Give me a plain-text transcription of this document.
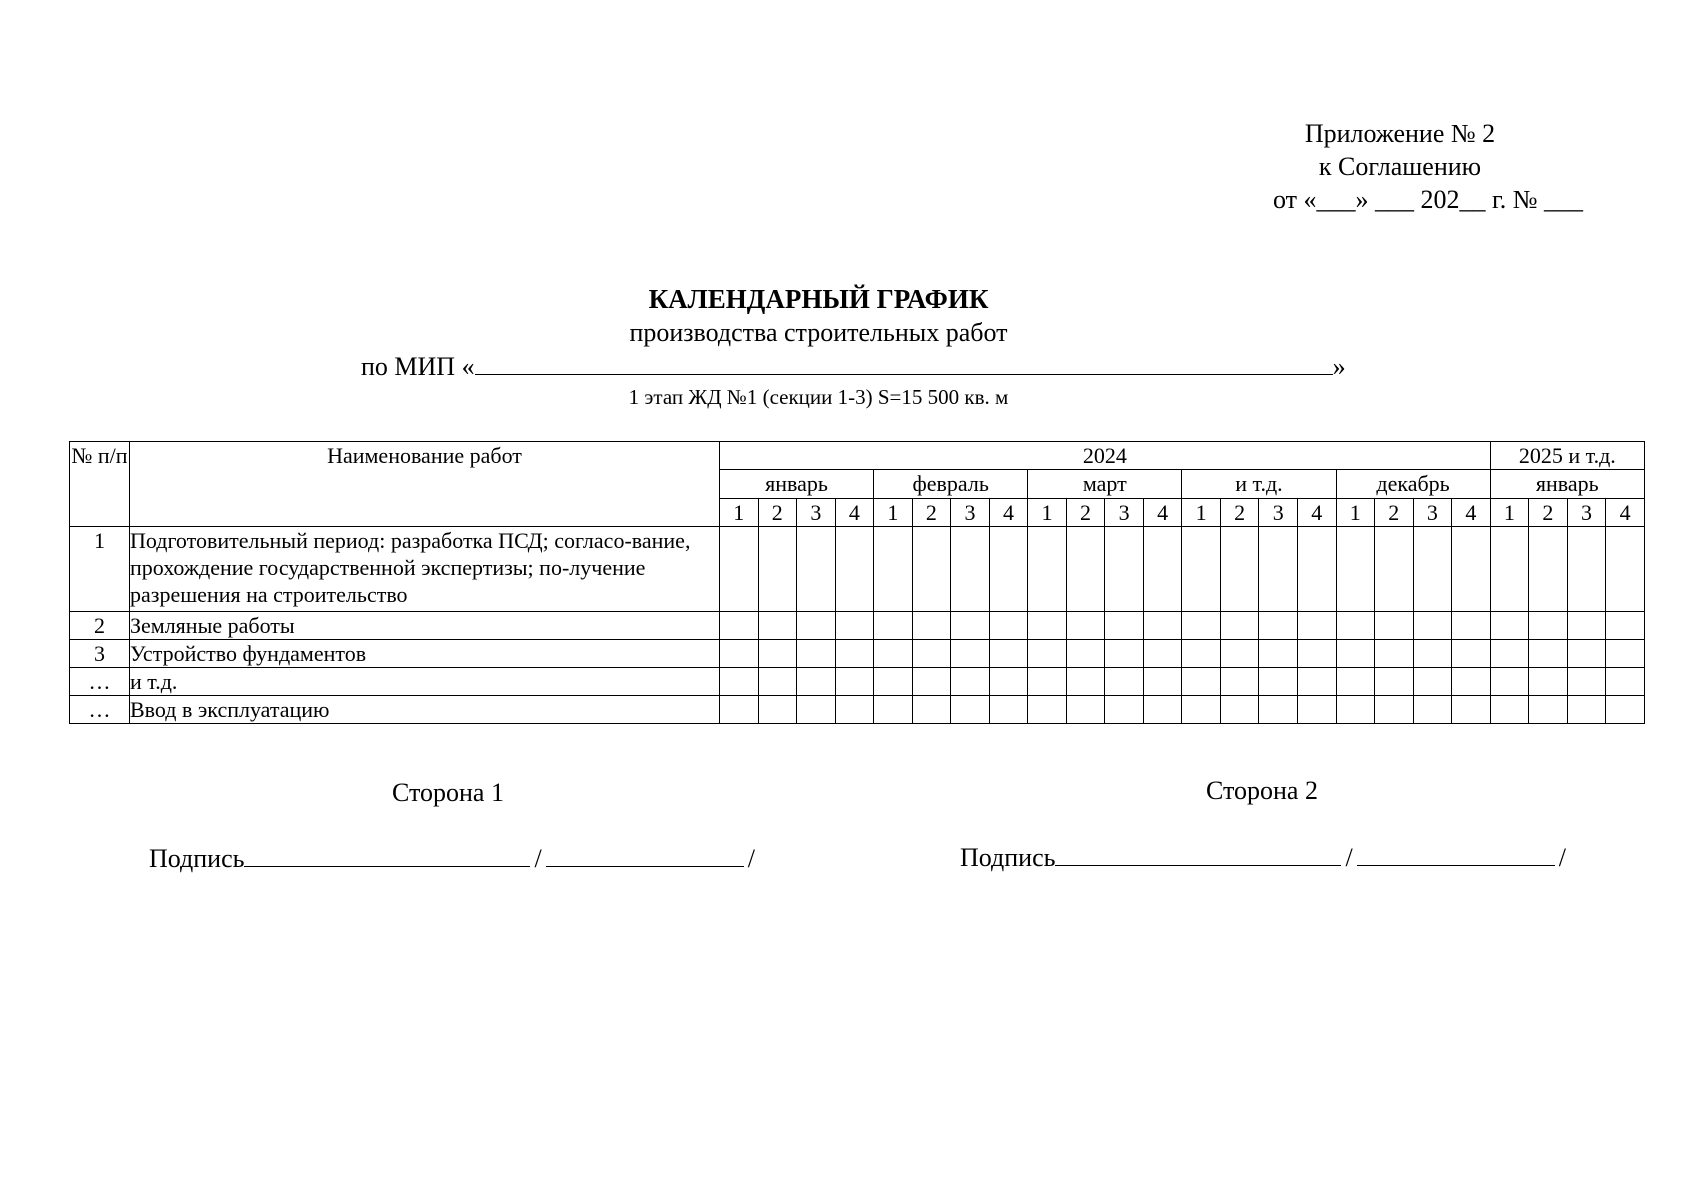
Приложение № 2
к Соглашению
от «___» ___ 202__ г. № ___
КАЛЕНДАРНЫЙ ГРАФИК
производства строительных работ
по МИП «	»
1 этап ЖД №1 (секции 1-3) S=15 500 кв. м
№ п/п	Наименование работ	2024																				2025 и т.д.			
		январь				февраль				март				и т.д.				декабрь				январь			
		1	2	3	4	1	2	3	4	1	2	3	4	1	2	3	4	1	2	3	4	1	2	3	4
1	Подготовительный период: разработка ПСД; согласо-вание, прохождение государственной экспертизы; по-лучение разрешения на строительство																								
2	Земляные работы																								
3	Устройство фундаментов																								
…	и т.д.																								
…	Ввод в эксплуатацию																								
Сторона 1	Сторона 2
Подпись	/	/	Подпись	/	/
